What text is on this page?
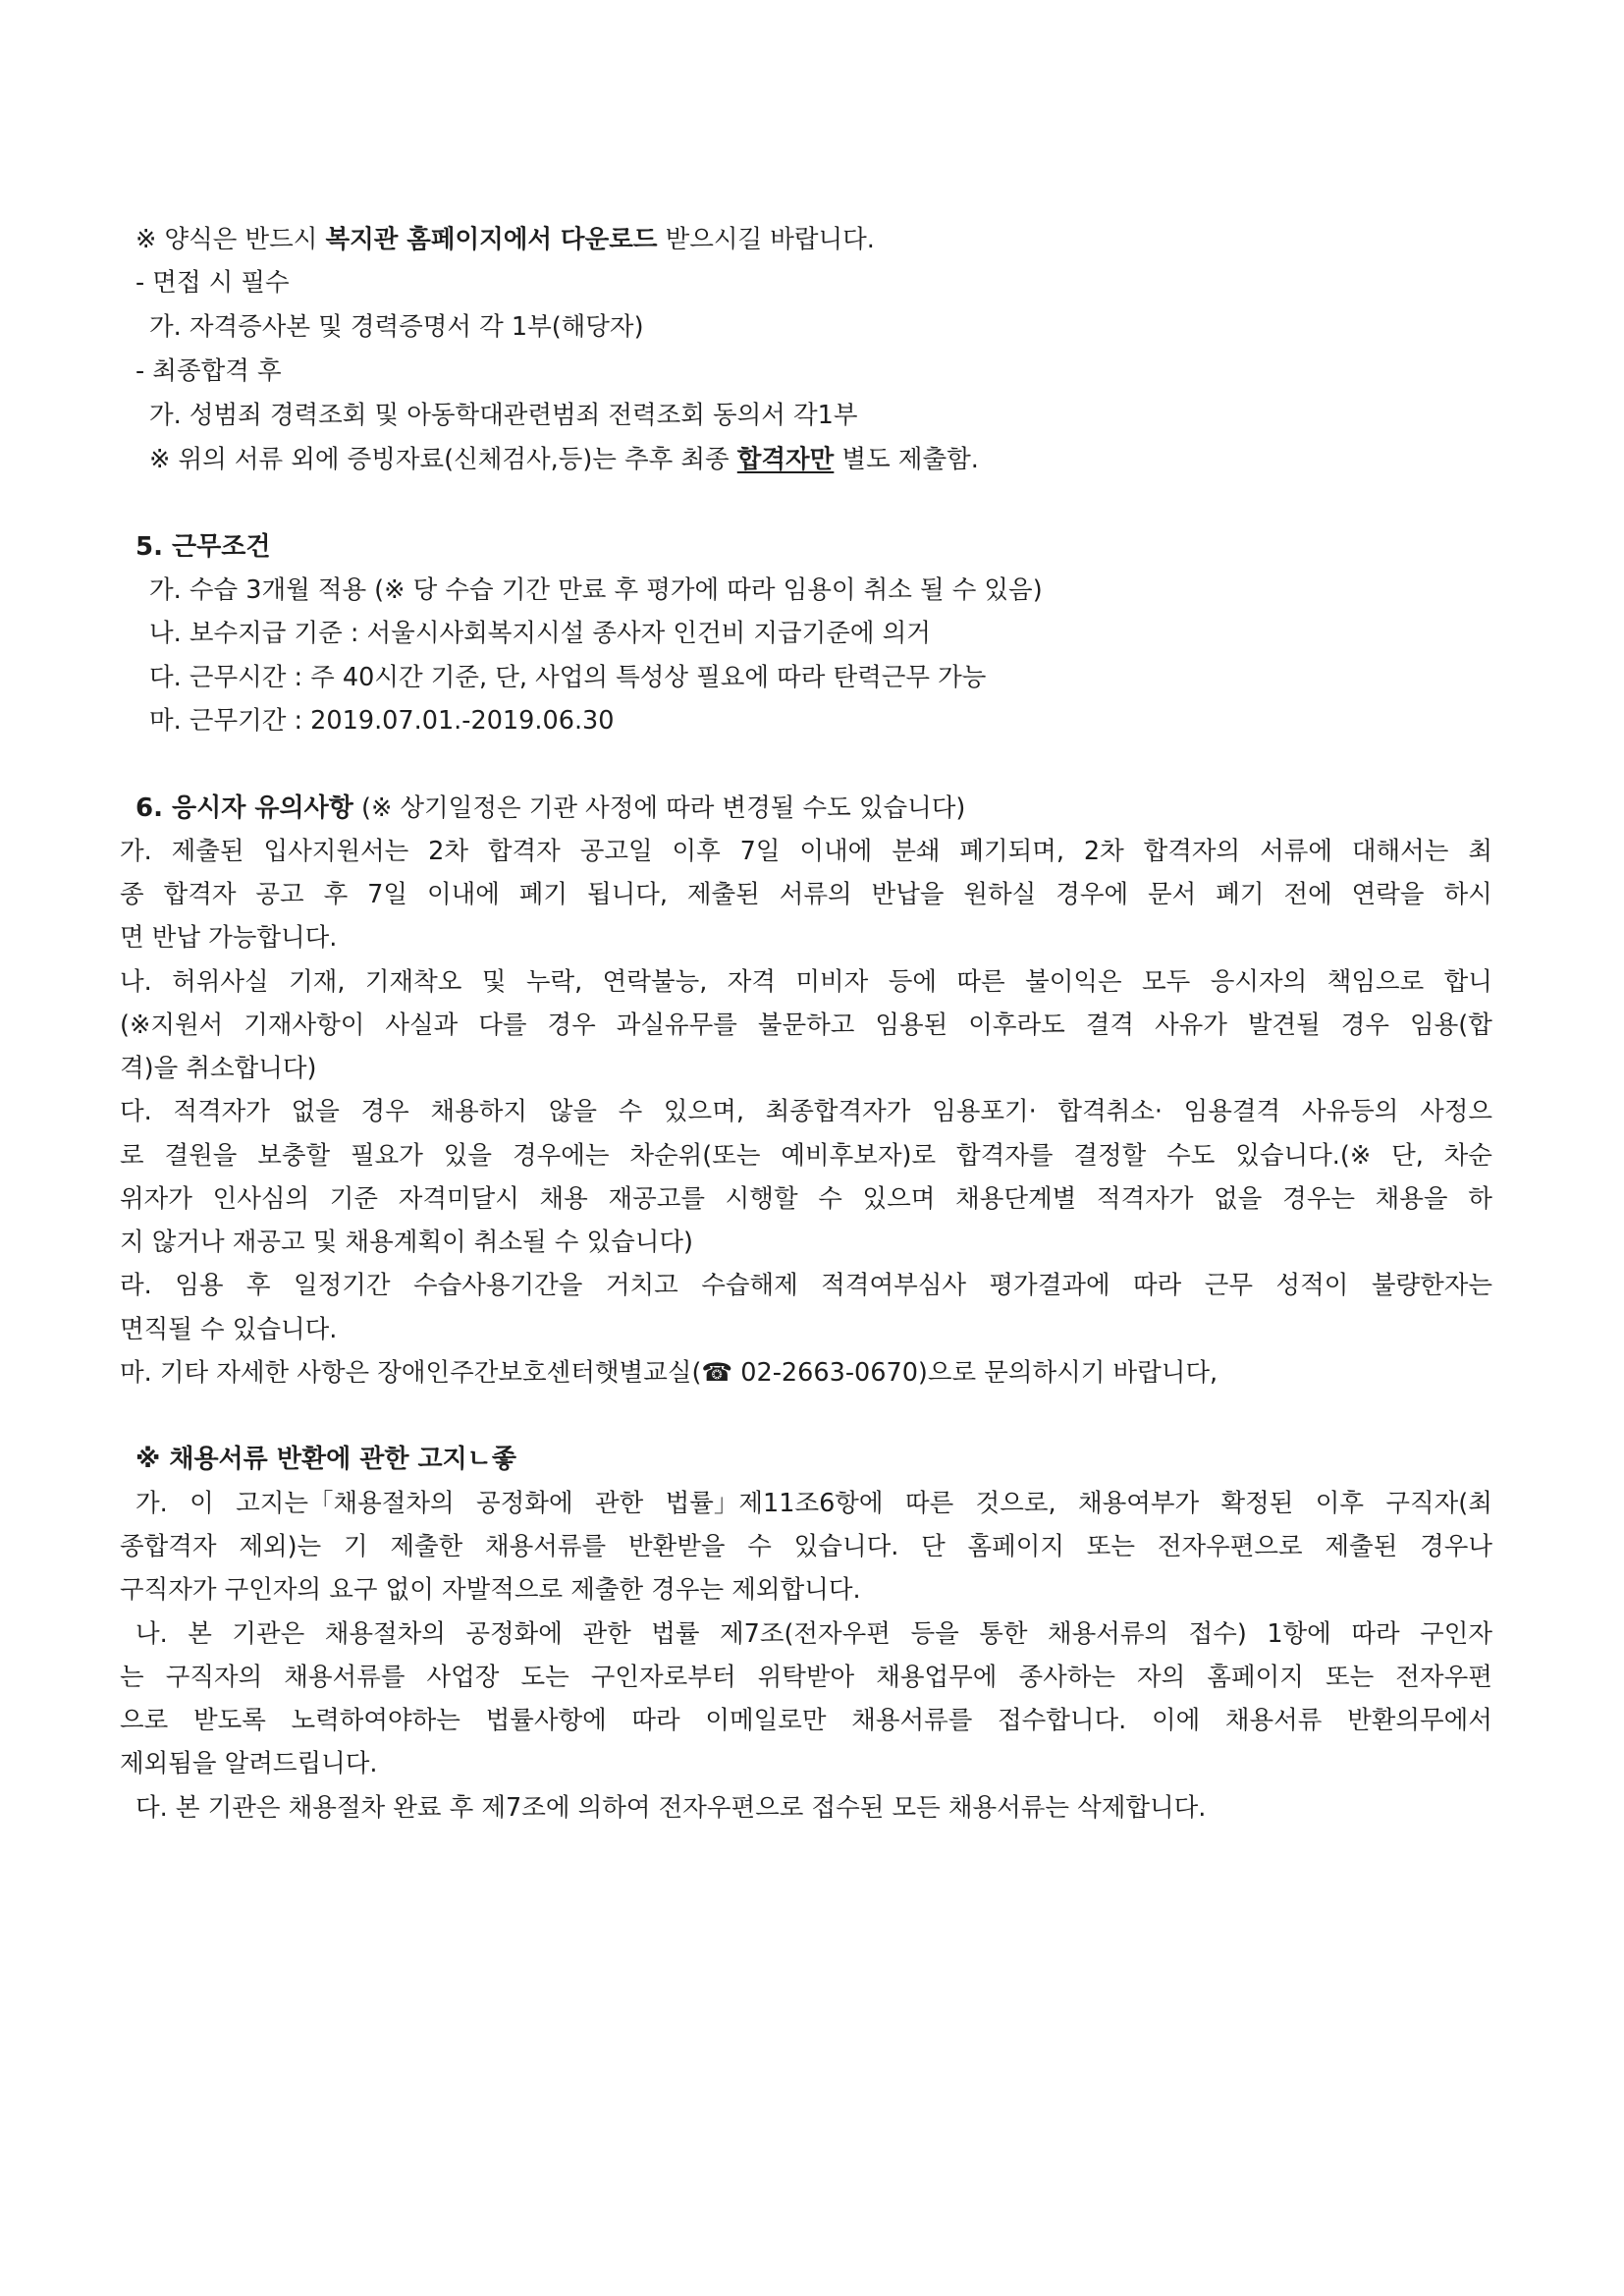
※ 양식은 반드시 복지관 홈페이지에서 다운로드 받으시길 바랍니다.
- 면접 시 필수
가. 자격증사본 및 경력증명서 각 1부(해당자)
- 최종합격 후
가. 성범죄 경력조회 및 아동학대관련범죄 전력조회 동의서 각1부
※ 위의 서류 외에 증빙자료(신체검사,등)는 추후 최종 합격자만 별도 제출함.
5. 근무조건
가. 수습 3개월 적용 (※ 당 수습 기간 만료 후 평가에 따라 임용이 취소 될 수 있음)
나. 보수지급 기준 : 서울시사회복지시설 종사자 인건비 지급기준에 의거
다. 근무시간 : 주 40시간 기준, 단, 사업의 특성상 필요에 따라 탄력근무 가능
마. 근무기간 : 2019.07.01.-2019.06.30
6. 응시자 유의사항 (※ 상기일정은 기관 사정에 따라 변경될 수도 있습니다)
가. 제출된 입사지원서는 2차 합격자 공고일 이후 7일 이내에 분쇄 폐기되며, 2차 합격자의 서류에 대해서는 최
종 합격자 공고 후 7일 이내에 폐기 됩니다, 제출된 서류의 반납을 원하실 경우에 문서 폐기 전에 연락을 하시
면 반납 가능합니다.
나. 허위사실 기재, 기재착오 및 누락, 연락불능, 자격 미비자 등에 따른 불이익은 모두 응시자의 책임으로 합니
(※지원서 기재사항이 사실과 다를 경우 과실유무를 불문하고 임용된 이후라도 결격 사유가 발견될 경우 임용(합
격)을 취소합니다)
다. 적격자가 없을 경우 채용하지 않을 수 있으며, 최종합격자가 임용포기· 합격취소· 임용결격 사유등의 사정으
로 결원을 보충할 필요가 있을 경우에는 차순위(또는 예비후보자)로 합격자를 결정할 수도 있습니다.(※ 단, 차순
위자가 인사심의 기준 자격미달시 채용 재공고를 시행할 수 있으며 채용단계별 적격자가 없을 경우는 채용을 하
지 않거나 재공고 및 채용계획이 취소될 수 있습니다)
라. 임용 후 일정기간 수습사용기간을 거치고 수습해제 적격여부심사 평가결과에 따라 근무 성적이 불량한자는
면직될 수 있습니다.
마. 기타 자세한 사항은 장애인주간보호센터햇별교실(☎ 02-2663-0670)으로 문의하시기 바랍니다,
※ 채용서류 반환에 관한 고지ㄴ좋
가. 이 고지는「채용절차의 공정화에 관한 법률」제11조6항에 따른 것으로, 채용여부가 확정된 이후 구직자(최
종합격자 제외)는 기 제출한 채용서류를 반환받을 수 있습니다. 단 홈페이지 또는 전자우편으로 제출된 경우나
구직자가 구인자의 요구 없이 자발적으로 제출한 경우는 제외합니다.
나. 본 기관은 채용절차의 공정화에 관한 법률 제7조(전자우편 등을 통한 채용서류의 접수) 1항에 따라 구인자
는 구직자의 채용서류를 사업장 도는 구인자로부터 위탁받아 채용업무에 종사하는 자의 홈페이지 또는 전자우편
으로 받도록 노력하여야하는 법률사항에 따라 이메일로만 채용서류를 접수합니다. 이에 채용서류 반환의무에서
제외됨을 알려드립니다.
다. 본 기관은 채용절차 완료 후 제7조에 의하여 전자우편으로 접수된 모든 채용서류는 삭제합니다.
